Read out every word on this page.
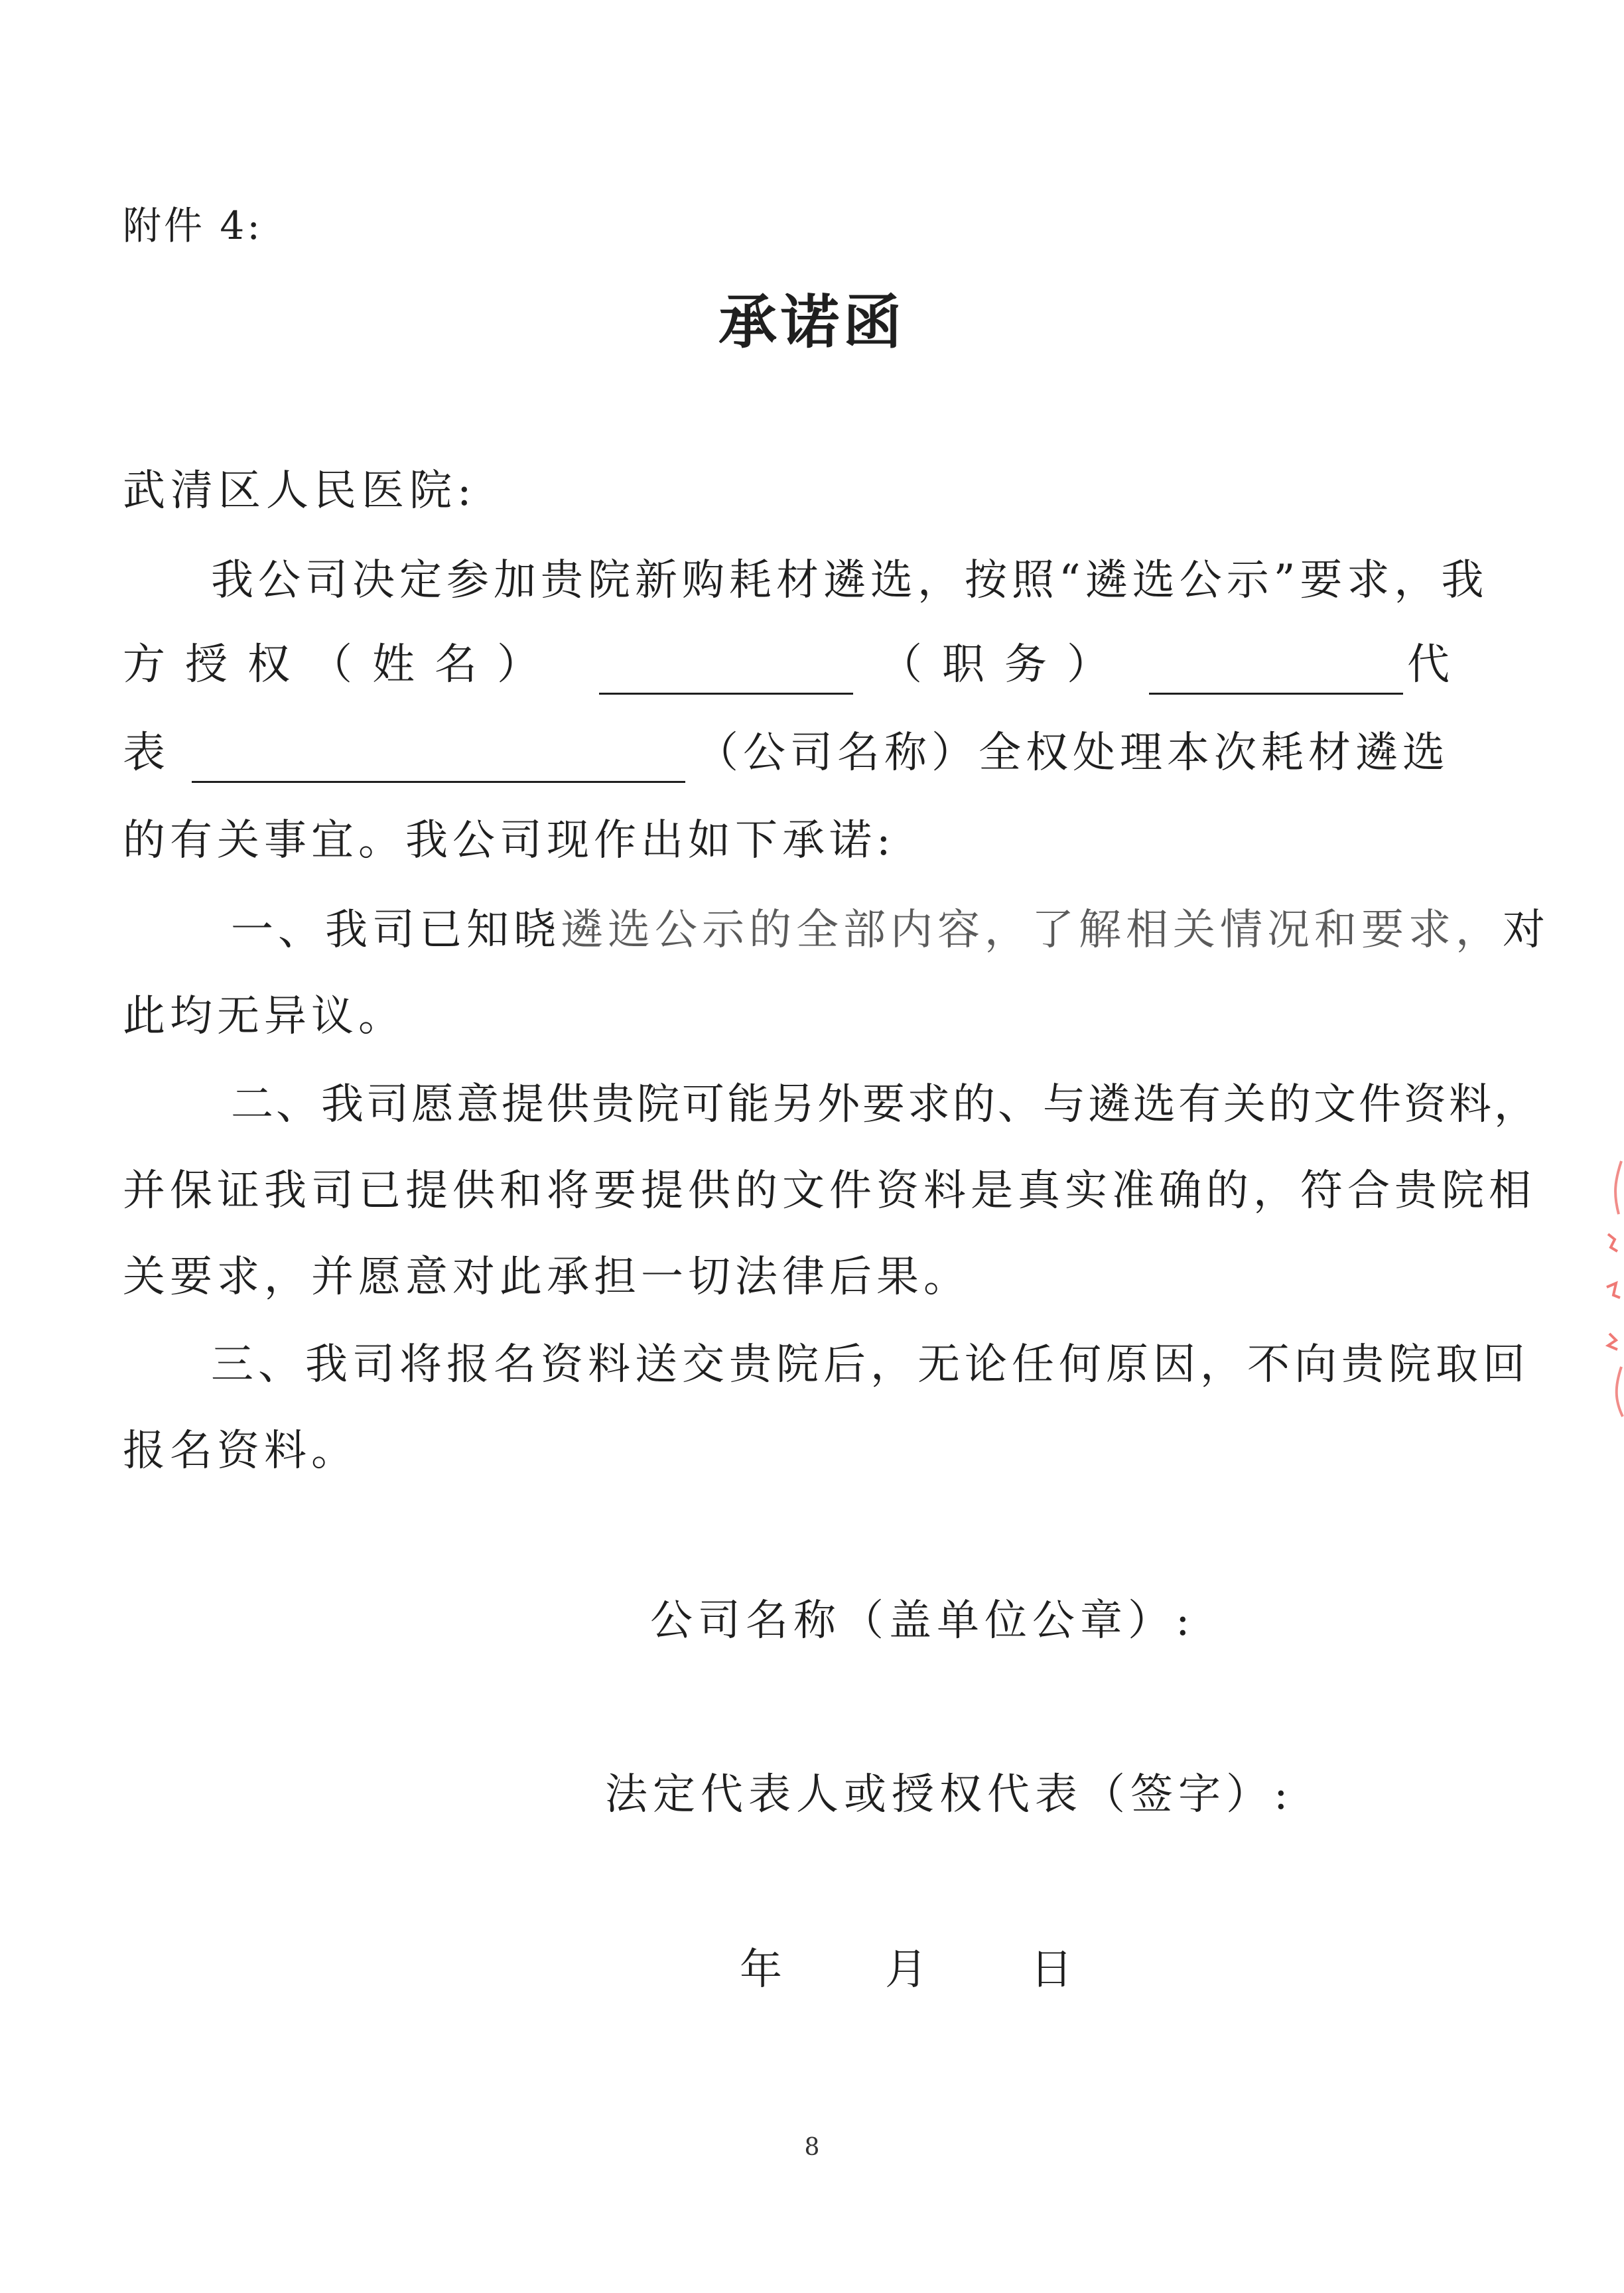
附件 4:
承诺函
武清区人民医院:
我公司决定参加贵院新购耗材遴选，按照“遴选公示”要求，我
方授权（姓名）	（职务）	代
表	（公司名称）全权处理本次耗材遴选
的有关事宜。我公司现作出如下承诺:
一、我司已知晓遴选公示的全部内容，了解相关情况和要求，对
此均无异议。
二、我司愿意提供贵院可能另外要求的、与遴选有关的文件资料，
并保证我司已提供和将要提供的文件资料是真实准确的，符合贵院相
关要求，并愿意对此承担一切法律后果。
三、我司将报名资料送交贵院后，无论任何原因，不向贵院取回
报名资料。
公司名称（盖单位公章）:
法定代表人或授权代表（签字）:
年 月 日
8
